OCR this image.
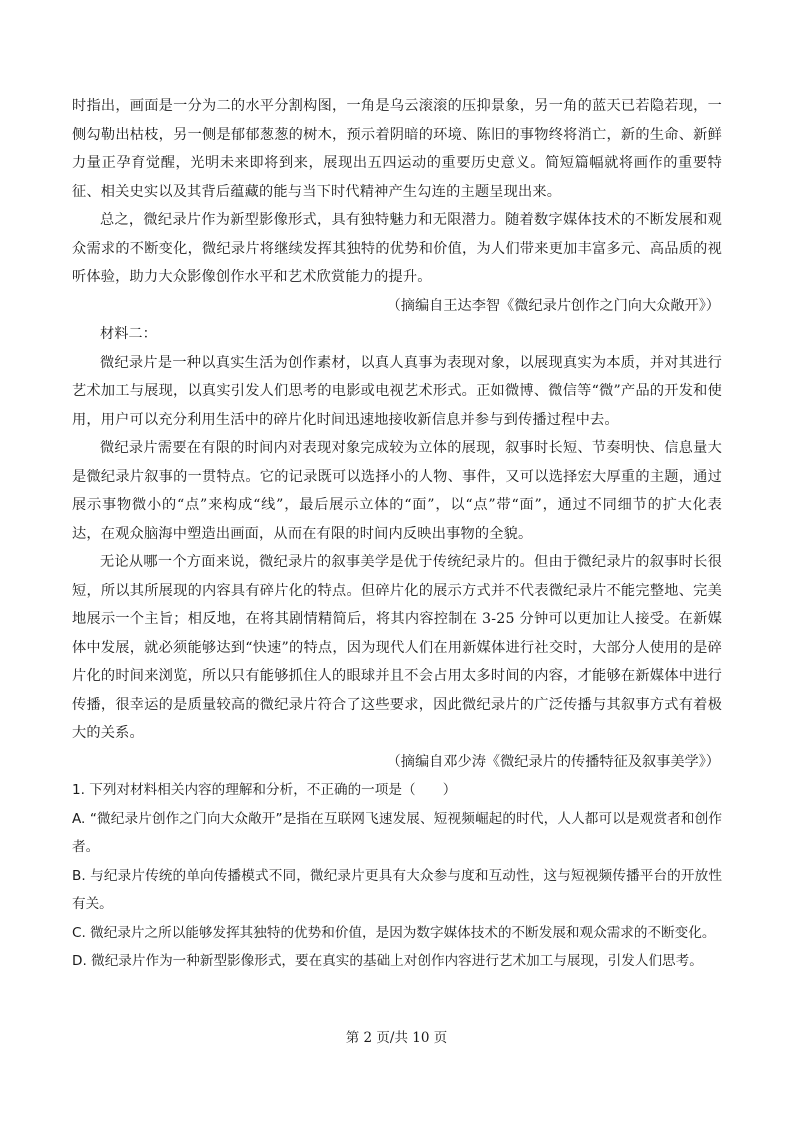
时指出，画面是一分为二的水平分割构图，一角是乌云滚滚的压抑景象，另一角的蓝天已若隐若现，一侧勾勒出枯枝，另一侧是郁郁葱葱的树木，预示着阴暗的环境、陈旧的事物终将消亡，新的生命、新鲜力量正孕育觉醒，光明未来即将到来，展现出五四运动的重要历史意义。简短篇幅就将画作的重要特征、相关史实以及其背后蕴藏的能与当下时代精神产生勾连的主题呈现出来。

总之，微纪录片作为新型影像形式，具有独特魅力和无限潜力。随着数字媒体技术的不断发展和观众需求的不断变化，微纪录片将继续发挥其独特的优势和价值，为人们带来更加丰富多元、高品质的视听体验，助力大众影像创作水平和艺术欣赏能力的提升。

（摘编自王达李智《微纪录片创作之门向大众敞开》）

材料二：

微纪录片是一种以真实生活为创作素材，以真人真事为表现对象，以展现真实为本质，并对其进行艺术加工与展现，以真实引发人们思考的电影或电视艺术形式。正如微博、微信等“微”产品的开发和使用，用户可以充分利用生活中的碎片化时间迅速地接收新信息并参与到传播过程中去。

微纪录片需要在有限的时间内对表现对象完成较为立体的展现，叙事时长短、节奏明快、信息量大是微纪录片叙事的一贯特点。它的记录既可以选择小的人物、事件，又可以选择宏大厚重的主题，通过展示事物微小的“点”来构成“线”，最后展示立体的“面”，以“点”带“面”，通过不同细节的扩大化表达，在观众脑海中塑造出画面，从而在有限的时间内反映出事物的全貌。

无论从哪一个方面来说，微纪录片的叙事美学是优于传统纪录片的。但由于微纪录片的叙事时长很短，所以其所展现的内容具有碎片化的特点。但碎片化的展示方式并不代表微纪录片不能完整地、完美地展示一个主旨；相反地，在将其剧情精简后，将其内容控制在 3-25 分钟可以更加让人接受。在新媒体中发展，就必须能够达到“快速”的特点，因为现代人们在用新媒体进行社交时，大部分人使用的是碎片化的时间来浏览，所以只有能够抓住人的眼球并且不会占用太多时间的内容，才能够在新媒体中进行传播，很幸运的是质量较高的微纪录片符合了这些要求，因此微纪录片的广泛传播与其叙事方式有着极大的关系。

（摘编自邓少涛《微纪录片的传播特征及叙事美学》）

1. 下列对材料相关内容的理解和分析，不正确的一项是（　　）

A. “微纪录片创作之门向大众敞开”是指在互联网飞速发展、短视频崛起的时代，人人都可以是观赏者和创作者。

B. 与纪录片传统的单向传播模式不同，微纪录片更具有大众参与度和互动性，这与短视频传播平台的开放性有关。

C. 微纪录片之所以能够发挥其独特的优势和价值，是因为数字媒体技术的不断发展和观众需求的不断变化。

D. 微纪录片作为一种新型影像形式，要在真实的基础上对创作内容进行艺术加工与展现，引发人们思考。

第 2 页/共 10 页
